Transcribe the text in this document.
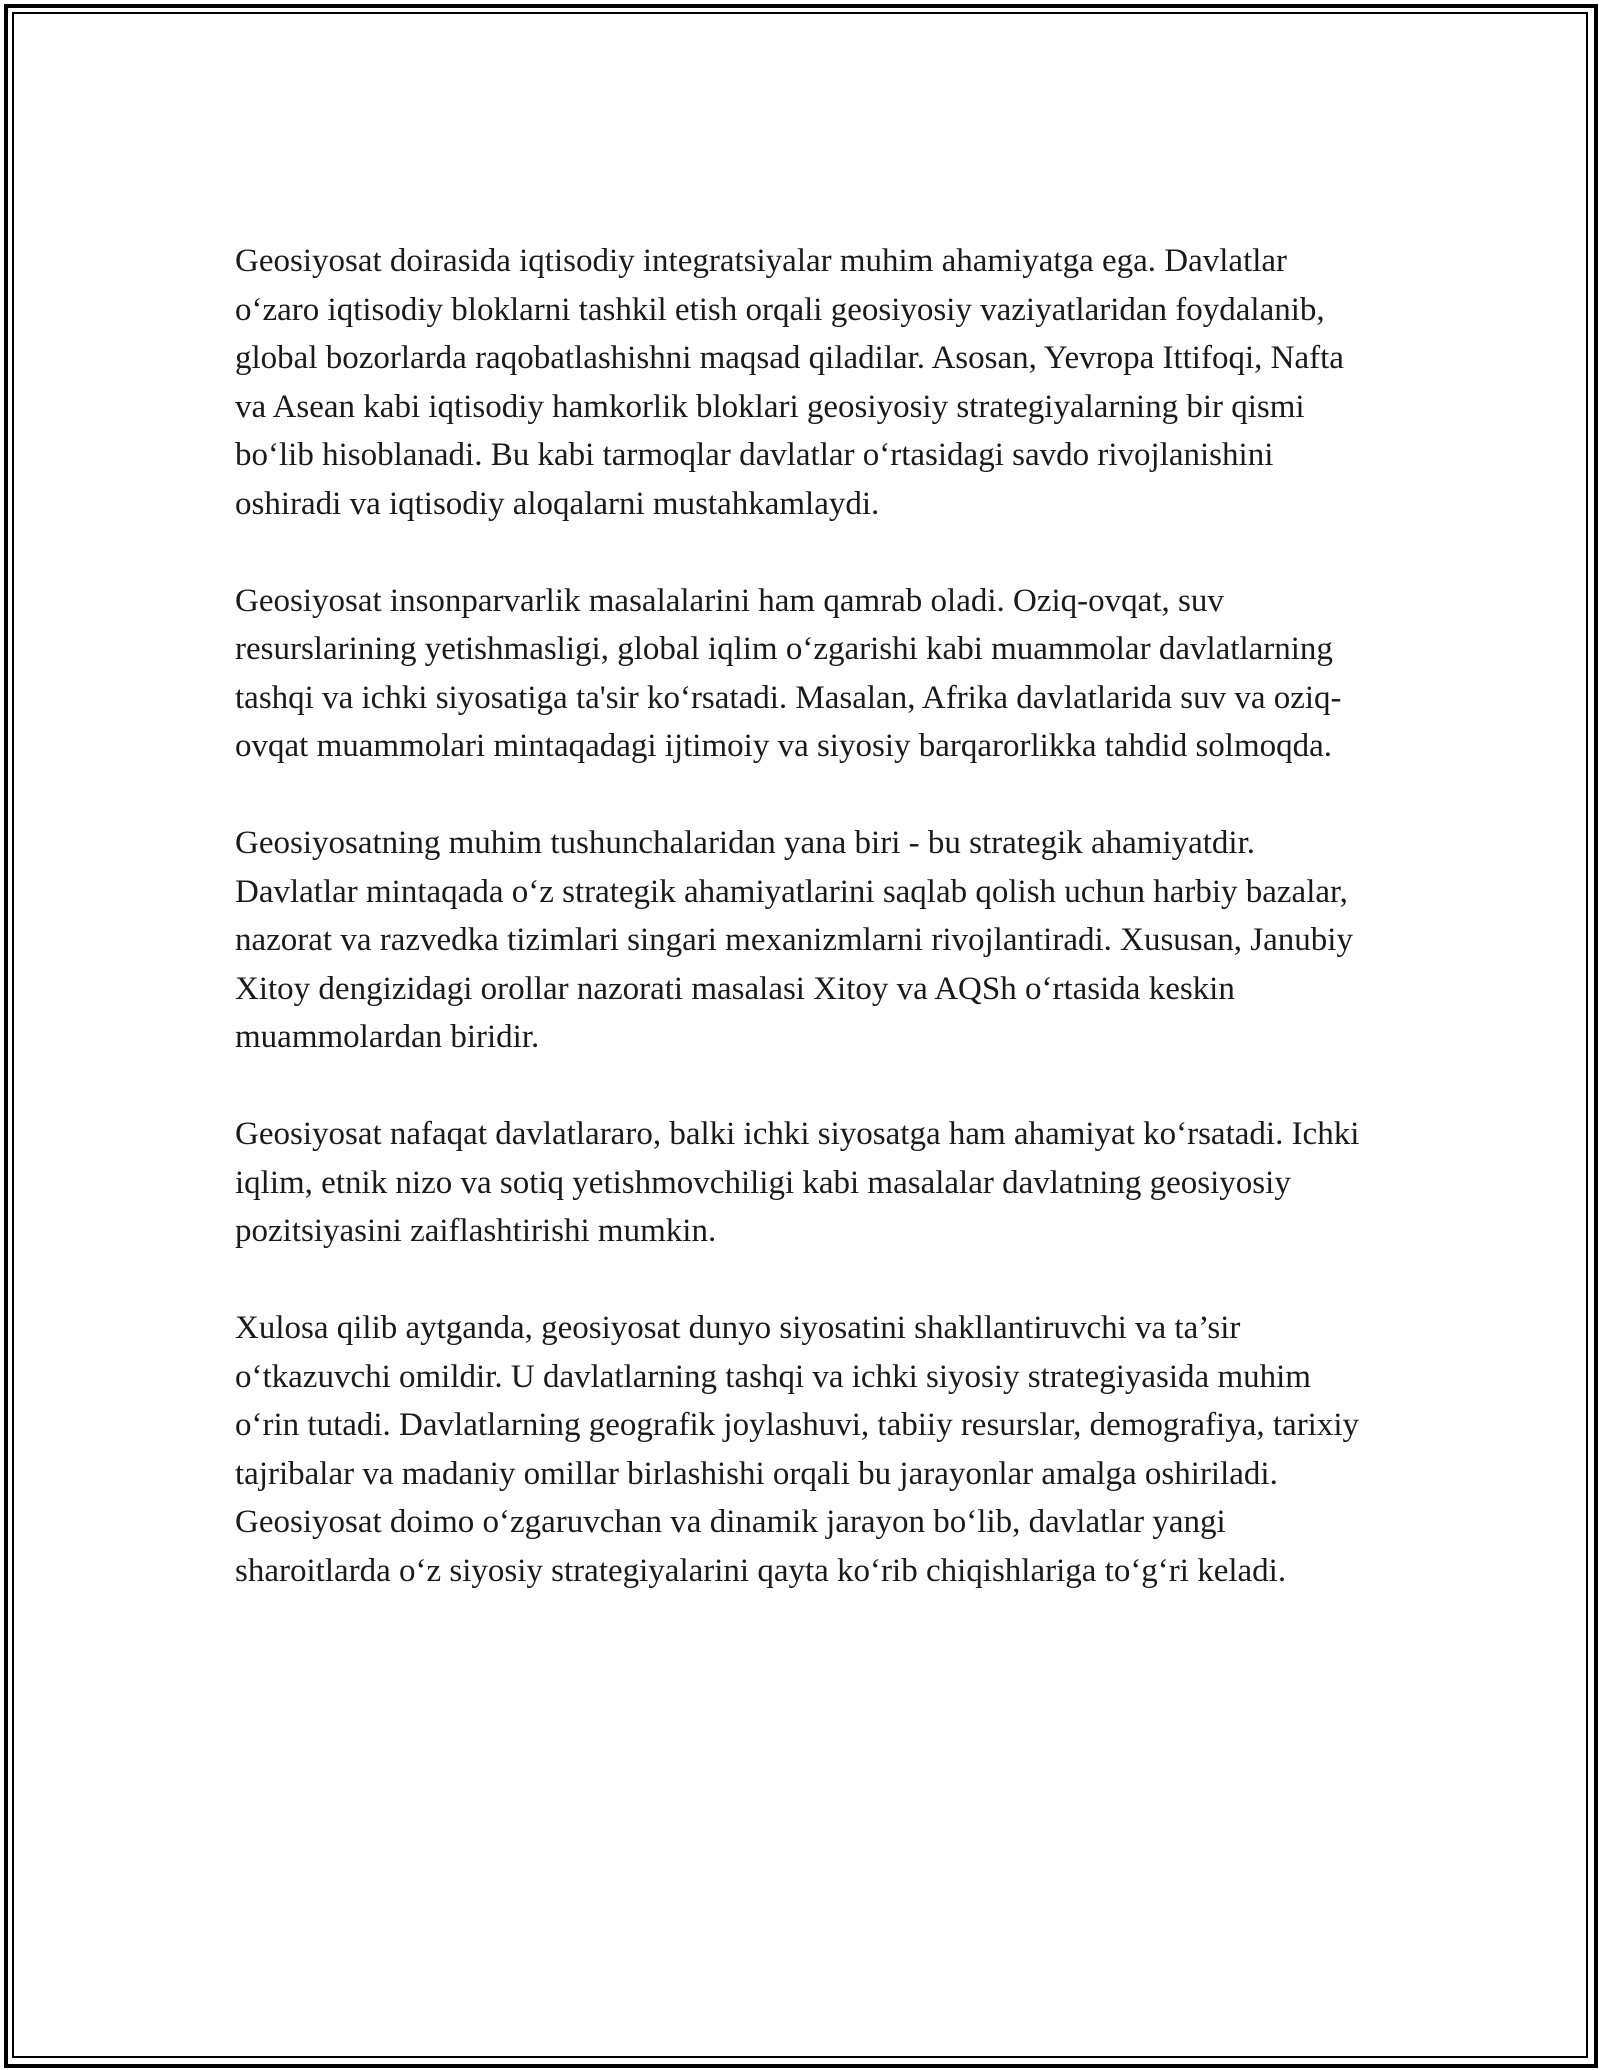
Geosiyosat doirasida iqtisodiy integratsiyalar muhim ahamiyatga ega. Davlatlar o‘zaro iqtisodiy bloklarni tashkil etish orqali geosiyosiy vaziyatlaridan foydalanib, global bozorlarda raqobatlashishni maqsad qiladilar. Asosan, Yevropa Ittifoqi, Nafta va Asean kabi iqtisodiy hamkorlik bloklari geosiyosiy strategiyalarning bir qismi bo‘lib hisoblanadi. Bu kabi tarmoqlar davlatlar o‘rtasidagi savdo rivojlanishini oshiradi va iqtisodiy aloqalarni mustahkamlaydi.

Geosiyosat insonparvarlik masalalarini ham qamrab oladi. Oziq-ovqat, suv resurslarining yetishmasligi, global iqlim o‘zgarishi kabi muammolar davlatlarning tashqi va ichki siyosatiga ta'sir ko‘rsatadi. Masalan, Afrika davlatlarida suv va oziq-ovqat muammolari mintaqadagi ijtimoiy va siyosiy barqarorlikka tahdid solmoqda.

Geosiyosatning muhim tushunchalaridan yana biri - bu strategik ahamiyatdir. Davlatlar mintaqada o‘z strategik ahamiyatlarini saqlab qolish uchun harbiy bazalar, nazorat va razvedka tizimlari singari mexanizmlarni rivojlantiradi. Xususan, Janubiy Xitoy dengizidagi orollar nazorati masalasi Xitoy va AQSh o‘rtasida keskin muammolardan biridir.

Geosiyosat nafaqat davlatlararo, balki ichki siyosatga ham ahamiyat ko‘rsatadi. Ichki iqlim, etnik nizo va sotiq yetishmovchiligi kabi masalalar davlatning geosiyosiy pozitsiyasini zaiflashtirishi mumkin.

Xulosa qilib aytganda, geosiyosat dunyo siyosatini shakllantiruvchi va ta’sir o‘tkazuvchi omildir. U davlatlarning tashqi va ichki siyosiy strategiyasida muhim o‘rin tutadi. Davlatlarning geografik joylashuvi, tabiiy resurslar, demografiya, tarixiy tajribalar va madaniy omillar birlashishi orqali bu jarayonlar amalga oshiriladi. Geosiyosat doimo o‘zgaruvchan va dinamik jarayon bo‘lib, davlatlar yangi sharoitlarda o‘z siyosiy strategiyalarini qayta ko‘rib chiqishlariga to‘g‘ri keladi.
